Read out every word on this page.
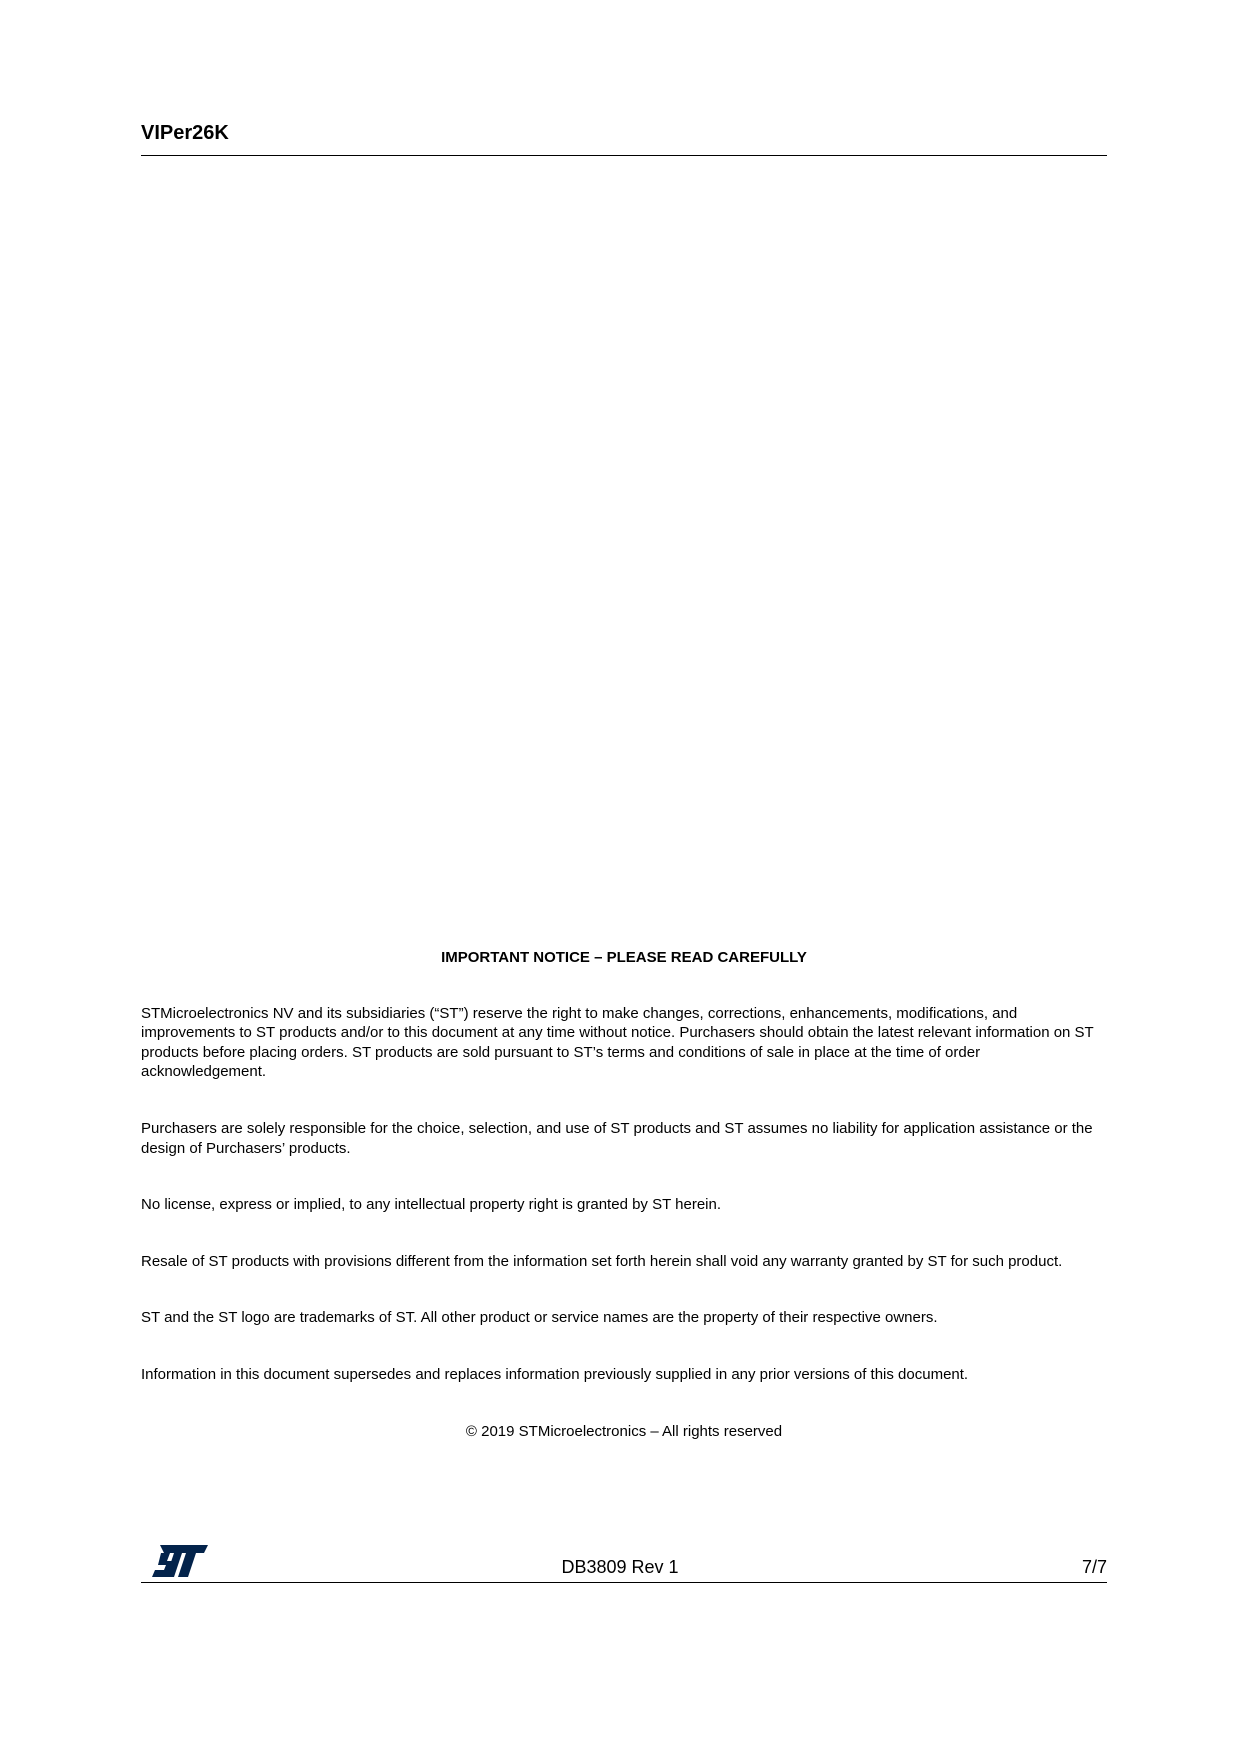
VIPer26K

IMPORTANT NOTICE – PLEASE READ CAREFULLY

STMicroelectronics NV and its subsidiaries (“ST”) reserve the right to make changes, corrections, enhancements, modifications, and improvements to ST products and/or to this document at any time without notice. Purchasers should obtain the latest relevant information on ST products before placing orders. ST products are sold pursuant to ST’s terms and conditions of sale in place at the time of order acknowledgement.

Purchasers are solely responsible for the choice, selection, and use of ST products and ST assumes no liability for application assistance or the design of Purchasers’ products.

No license, express or implied, to any intellectual property right is granted by ST herein.

Resale of ST products with provisions different from the information set forth herein shall void any warranty granted by ST for such product.

ST and the ST logo are trademarks of ST. All other product or service names are the property of their respective owners.

Information in this document supersedes and replaces information previously supplied in any prior versions of this document.

© 2019 STMicroelectronics – All rights reserved

DB3809 Rev 1	7/7
